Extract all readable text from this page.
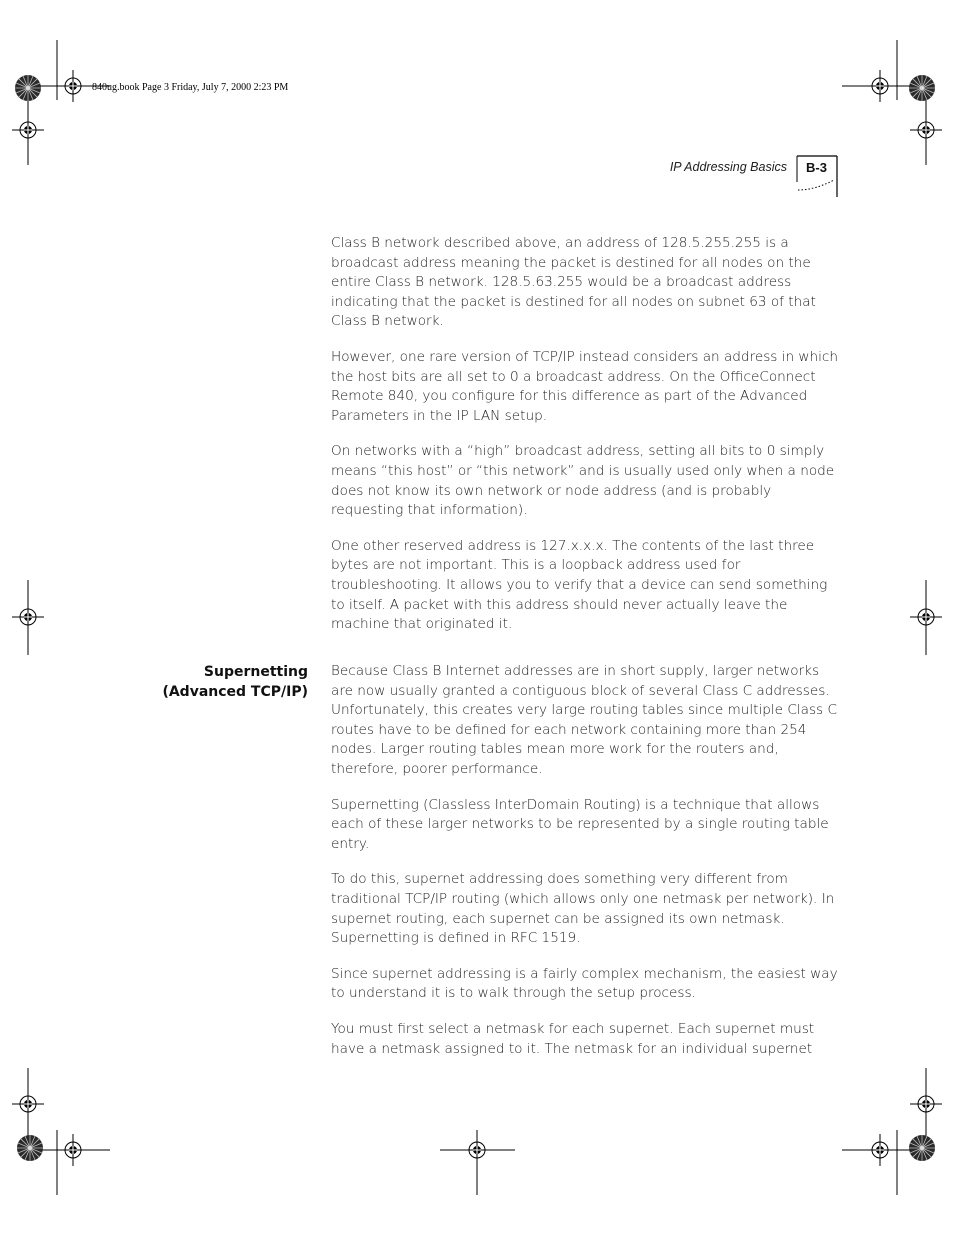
840ug.book Page 3 Friday, July 7, 2000 2:23 PM
IP Addressing Basics B-3

Class B network described above, an address of 128.5.255.255 is a broadcast address meaning the packet is destined for all nodes on the entire Class B network. 128.5.63.255 would be a broadcast address indicating that the packet is destined for all nodes on subnet 63 of that Class B network.

However, one rare version of TCP/IP instead considers an address in which the host bits are all set to 0 a broadcast address. On the OfficeConnect Remote 840, you configure for this difference as part of the Advanced Parameters in the IP LAN setup.

On networks with a “high” broadcast address, setting all bits to 0 simply means “this host” or “this network” and is usually used only when a node does not know its own network or node address (and is probably requesting that information).

One other reserved address is 127.x.x.x. The contents of the last three bytes are not important. This is a loopback address used for troubleshooting. It allows you to verify that a device can send something to itself. A packet with this address should never actually leave the machine that originated it.

Supernetting
(Advanced TCP/IP)

Because Class B Internet addresses are in short supply, larger networks are now usually granted a contiguous block of several Class C addresses. Unfortunately, this creates very large routing tables since multiple Class C routes have to be defined for each network containing more than 254 nodes. Larger routing tables mean more work for the routers and, therefore, poorer performance.

Supernetting (Classless InterDomain Routing) is a technique that allows each of these larger networks to be represented by a single routing table entry.

To do this, supernet addressing does something very different from traditional TCP/IP routing (which allows only one netmask per network). In supernet routing, each supernet can be assigned its own netmask. Supernetting is defined in RFC 1519.

Since supernet addressing is a fairly complex mechanism, the easiest way to understand it is to walk through the setup process.

You must first select a netmask for each supernet. Each supernet must have a netmask assigned to it. The netmask for an individual supernet
